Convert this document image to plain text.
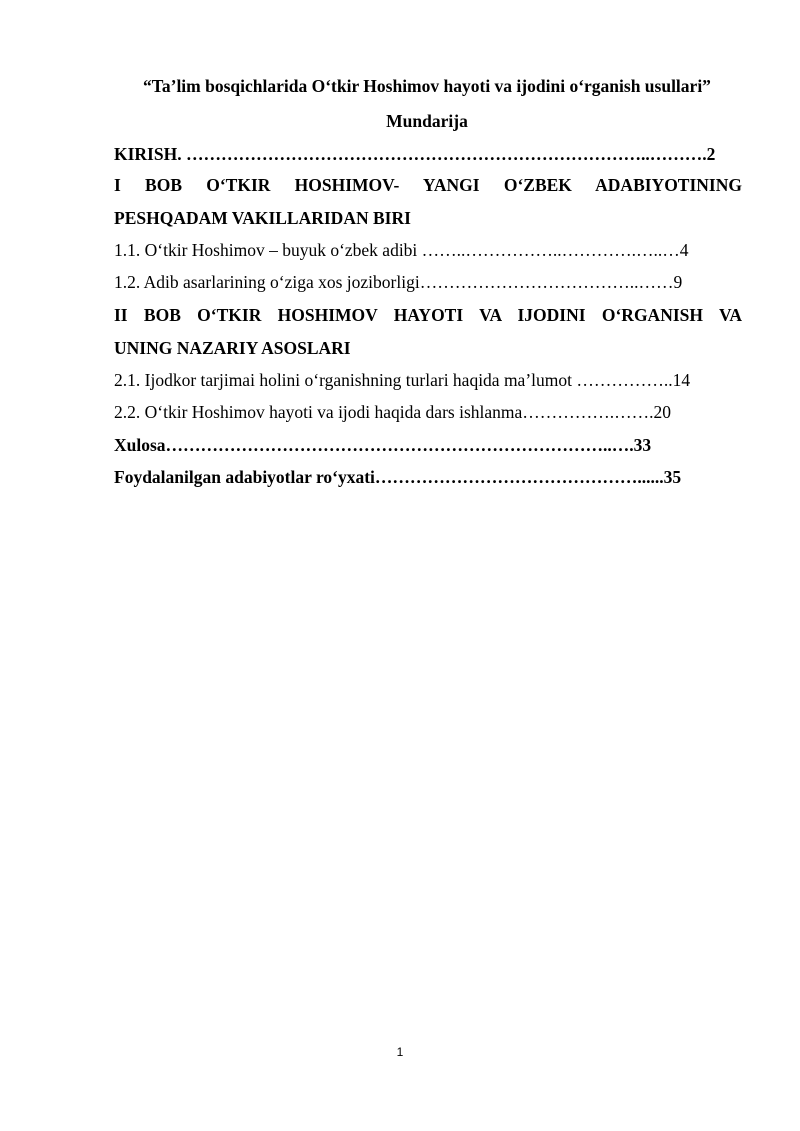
“Ta’lim bosqichlarida O‘tkir Hoshimov hayoti va ijodini o‘rganish usullari”
Mundarija
KIRISH. ……………………………………………………………………..……….2
I BOB O‘TKIR HOSHIMOV- YANGI O‘ZBEK ADABIYOTINING
PESHQADAM VAKILLARIDAN BIRI
1.1. O‘tkir Hoshimov – buyuk o‘zbek adibi ……..……………..………….…..…4
1.2. Adib asarlarining o‘ziga xos joziborligi………………………………..……9
II BOB O‘TKIR HOSHIMOV HAYOTI VA IJODINI O‘RGANISH VA
UNING NAZARIY ASOSLARI
2.1. Ijodkor tarjimai holini o‘rganishning turlari haqida ma’lumot ……………..14
2.2. O‘tkir Hoshimov hayoti va ijodi haqida dars ishlanma…………….…….20
Xulosa…………………………………………………………………..….33
Foydalanilgan adabiyotlar ro‘yxati………………………………………......35
1
